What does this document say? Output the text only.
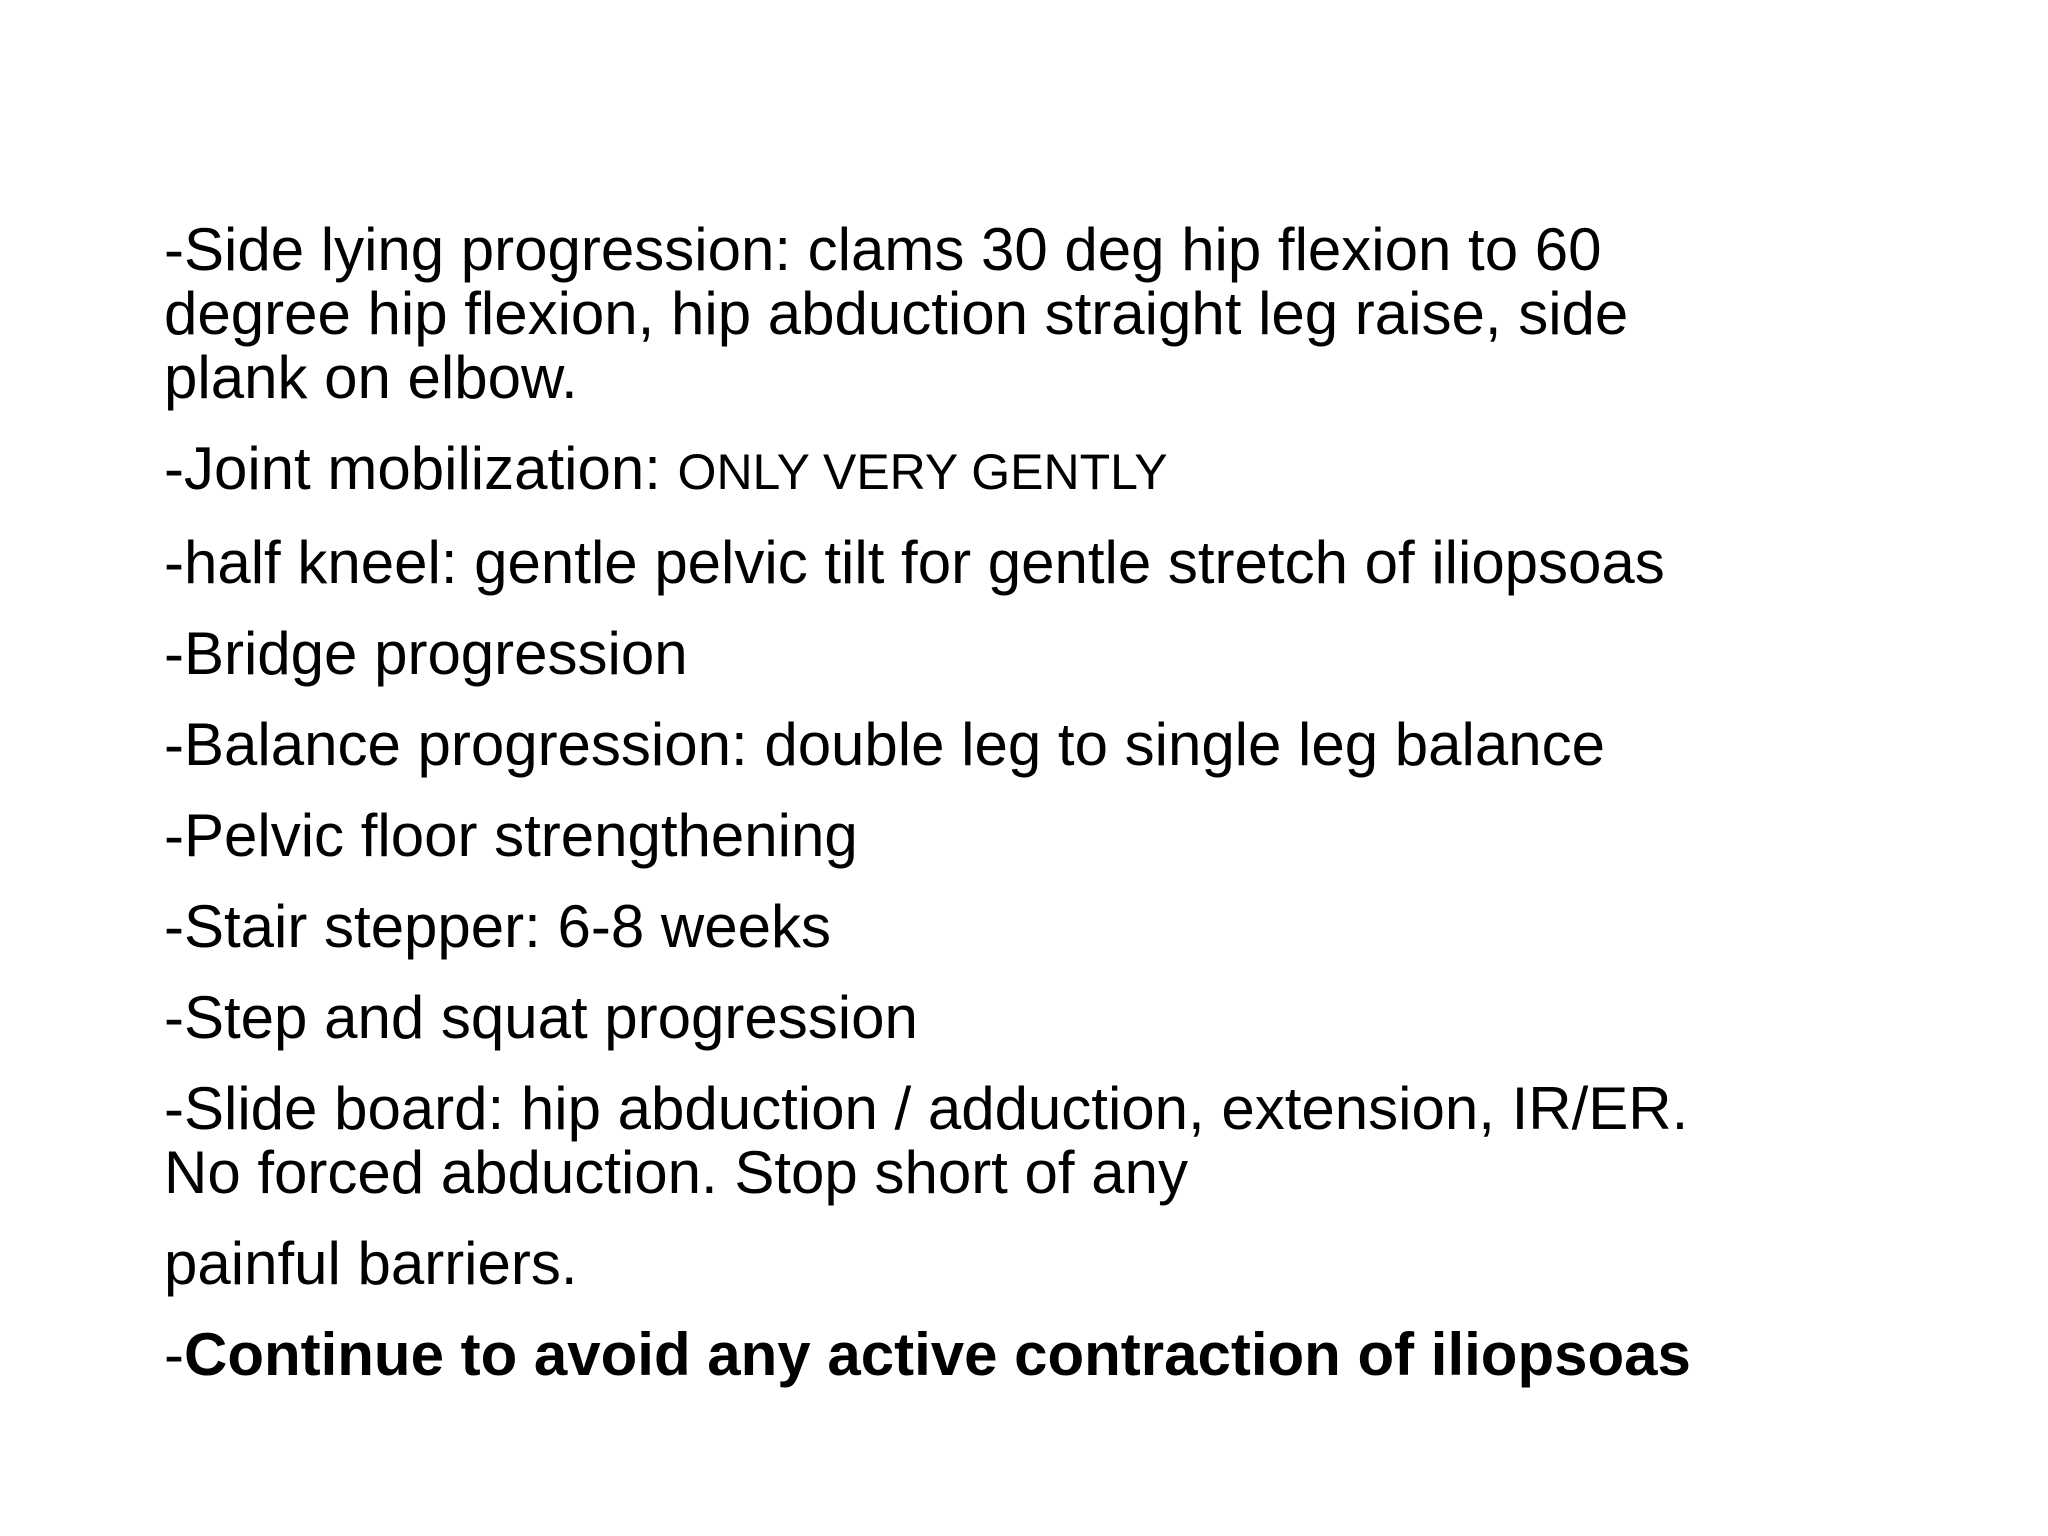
-Side lying progression: clams 30 deg hip flexion to 60
degree hip flexion, hip abduction straight leg raise, side
plank on elbow.
-Joint mobilization: ONLY VERY GENTLY
-half kneel: gentle pelvic tilt for gentle stretch of iliopsoas
-Bridge progression
-Balance progression: double leg to single leg balance
-Pelvic floor strengthening
-Stair stepper: 6-8 weeks
-Step and squat progression
-Slide board: hip abduction / adduction, extension, IR/ER.
No forced abduction. Stop short of any
painful barriers.
-Continue to avoid any active contraction of iliopsoas
